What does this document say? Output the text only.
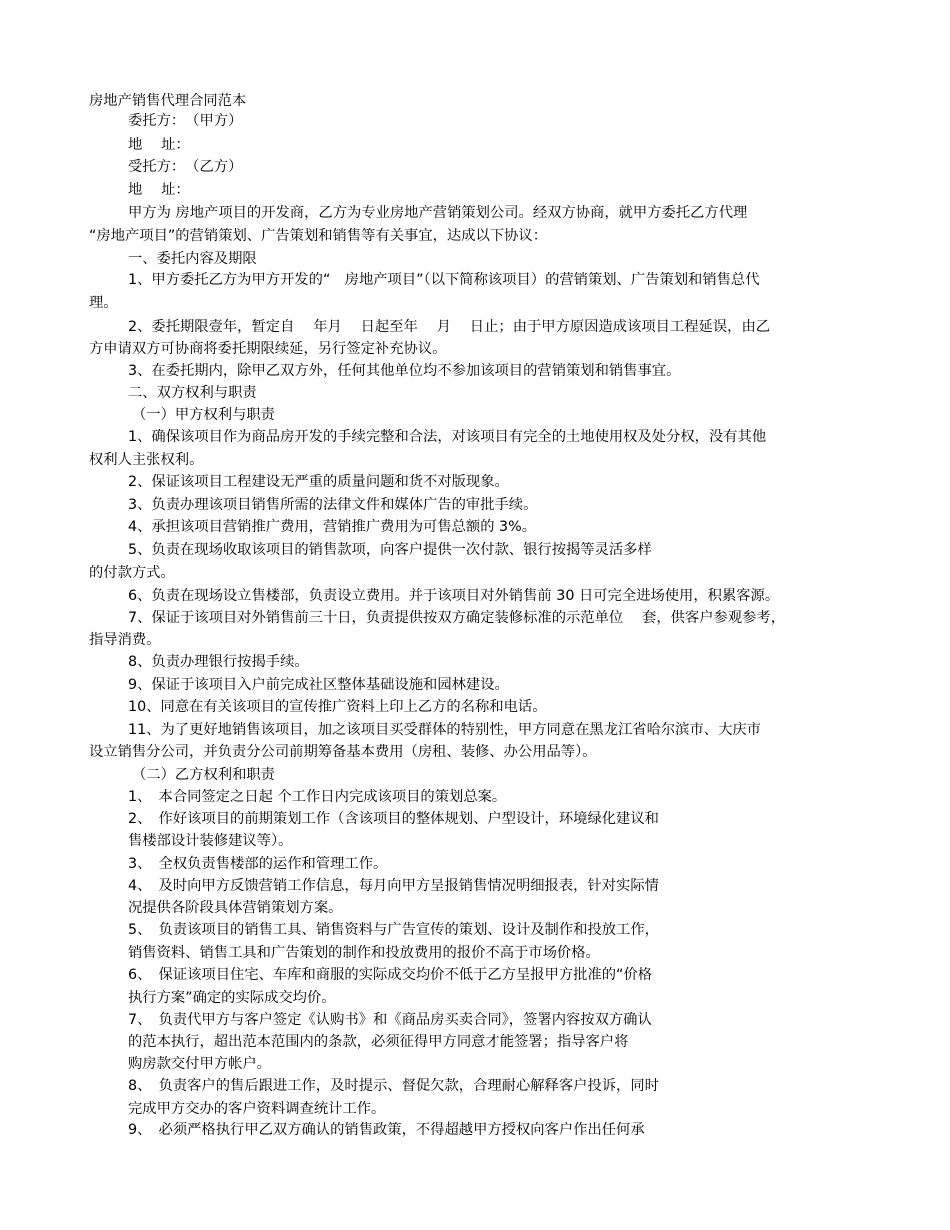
房地产销售代理合同范本
委托方：　（甲方）
地　 址：
受托方：　（乙方）
地　 址：
甲方为 房地产项目的开发商，乙方为专业房地产营销策划公司。经双方协商，就甲方委托乙方代理
“房地产项目”的营销策划、广告策划和销售等有关事宜，达成以下协议：
一、委托内容及期限
1、甲方委托乙方为甲方开发的“　房地产项目”（以下简称该项目）的营销策划、广告策划和销售总代
理。
2、委托期限壹年，暂定自　 年月　 日起至年　 月　 日止；由于甲方原因造成该项目工程延误，由乙
方申请双方可协商将委托期限续延，另行签定补充协议。
3、在委托期内，除甲乙双方外，任何其他单位均不参加该项目的营销策划和销售事宜。
二、双方权利与职责
（一）甲方权利与职责
1、确保该项目作为商品房开发的手续完整和合法，对该项目有完全的土地使用权及处分权，没有其他
权利人主张权利。
2、保证该项目工程建设无严重的质量问题和货不对版现象。
3、负责办理该项目销售所需的法律文件和媒体广告的审批手续。
4、承担该项目营销推广费用，营销推广费用为可售总额的 3%。
5、负责在现场收取该项目的销售款项，向客户提供一次付款、银行按揭等灵活多样
的付款方式。
6、负责在现场设立售楼部，负责设立费用。并于该项目对外销售前 30 日可完全进场使用，积累客源。
7、保证于该项目对外销售前三十日，负责提供按双方确定装修标准的示范单位　 套，供客户参观参考，
指导消费。
8、负责办理银行按揭手续。
9、保证于该项目入户前完成社区整体基础设施和园林建设。
10、同意在有关该项目的宣传推广资料上印上乙方的名称和电话。
11、为了更好地销售该项目，加之该项目买受群体的特别性，甲方同意在黑龙江省哈尔滨市、大庆市
设立销售分公司，并负责分公司前期筹备基本费用（房租、装修、办公用品等）。
（二）乙方权利和职责
1、　本合同签定之日起 个工作日内完成该项目的策划总案。
2、　作好该项目的前期策划工作（含该项目的整体规划、户型设计，环境绿化建议和
售楼部设计装修建议等）。
3、　全权负责售楼部的运作和管理工作。
4、　及时向甲方反馈营销工作信息，每月向甲方呈报销售情况明细报表，针对实际情
况提供各阶段具体营销策划方案。
5、　负责该项目的销售工具、销售资料与广告宣传的策划、设计及制作和投放工作，
销售资料、销售工具和广告策划的制作和投放费用的报价不高于市场价格。
6、　保证该项目住宅、车库和商服的实际成交均价不低于乙方呈报甲方批准的“价格
执行方案”确定的实际成交均价。
7、　负责代甲方与客户签定《认购书》和《商品房买卖合同》，签署内容按双方确认
的范本执行，超出范本范围内的条款，必须征得甲方同意才能签署；指导客户将
购房款交付甲方帐户。
8、　负责客户的售后跟进工作，及时提示、督促欠款，合理耐心解释客户投诉，同时
完成甲方交办的客户资料调查统计工作。
9、　必须严格执行甲乙双方确认的销售政策，不得超越甲方授权向客户作出任何承
